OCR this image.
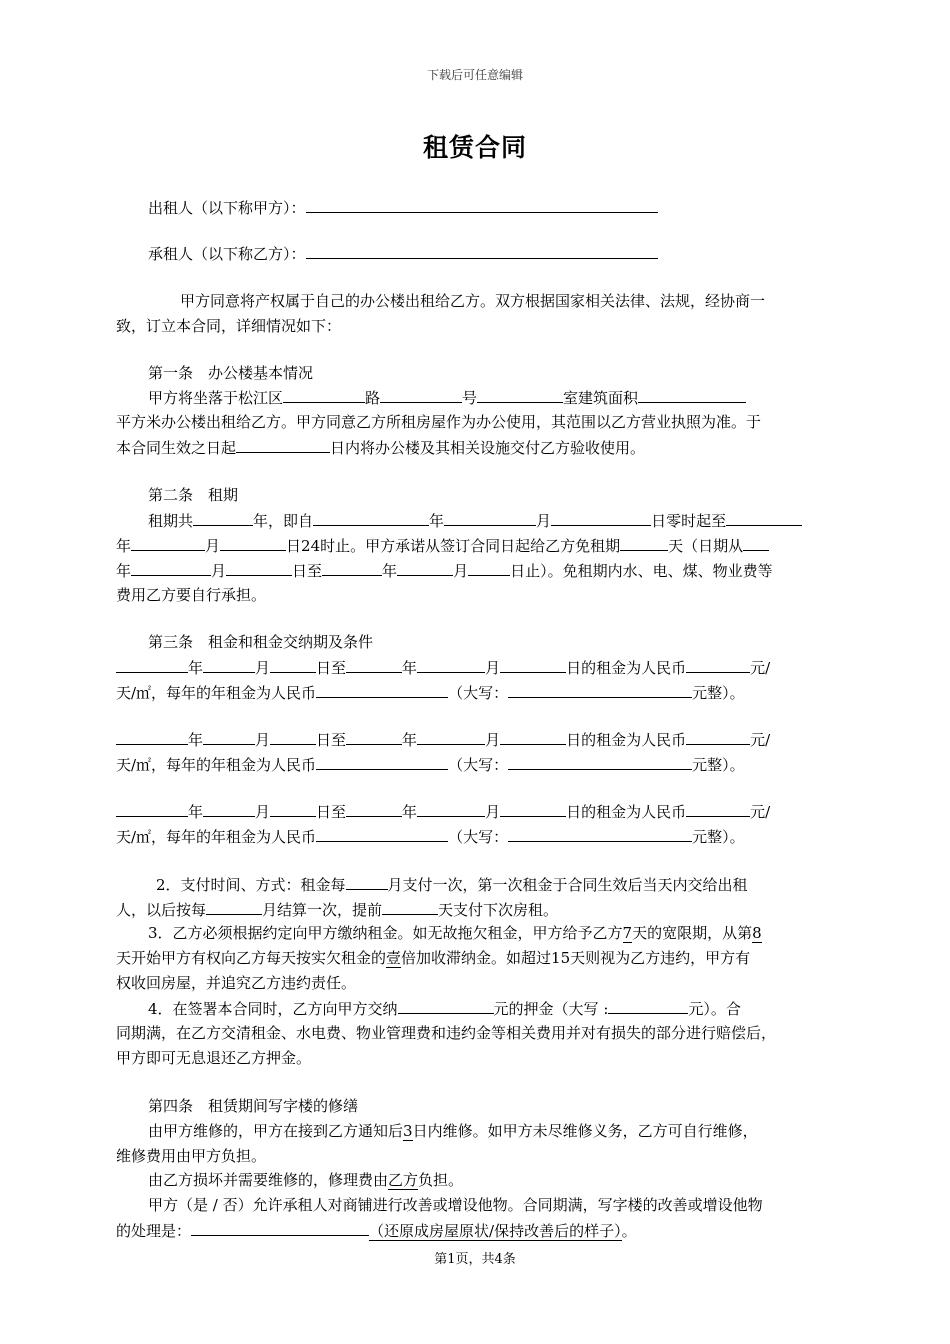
下载后可任意编辑
租赁合同
出租人（以下称甲方）：
承租人（以下称乙方）：
甲方同意将产权属于自己的办公楼出租给乙方。双方根据国家相关法律、法规，经协商一
致，订立本合同，详细情况如下：
第一条　办公楼基本情况
甲方将坐落于松江区	路	号	室建筑面积
平方米办公楼出租给乙方。甲方同意乙方所租房屋作为办公使用，其范围以乙方营业执照为准。于
本合同生效之日起	日内将办公楼及其相关设施交付乙方验收使用。
第二条　租期
租期共	年，即自	年	月	日零时起至
年	月	日24时止。甲方承诺从签订合同日起给乙方免租期	天（日期从
年	月	日至	年	月	日止）。免租期内水、电、煤、物业费等
费用乙方要自行承担。
第三条　租金和租金交纳期及条件
年	月	日至	年	月	日的租金为人民币	元/
天/㎡，每年的年租金为人民币	（大写：	元整）。
年	月	日至	年	月	日的租金为人民币	元/
天/㎡，每年的年租金为人民币	（大写：	元整）。
年	月	日至	年	月	日的租金为人民币	元/
天/㎡，每年的年租金为人民币	（大写：	元整）。
2．支付时间、方式：租金每	月支付一次，第一次租金于合同生效后当天内交给出租
人，以后按每	月结算一次，提前	天支付下次房租。
3．乙方必须根据约定向甲方缴纳租金。如无故拖欠租金，甲方给予乙方7天的宽限期，从第8
天开始甲方有权向乙方每天按实欠租金的壹倍加收滞纳金。如超过15天则视为乙方违约，甲方有
权收回房屋，并追究乙方违约责任。
4．在签署本合同时，乙方向甲方交纳	元的押金（大写 :	元）。合
同期满，在乙方交清租金、水电费、物业管理费和违约金等相关费用并对有损失的部分进行赔偿后，
甲方即可无息退还乙方押金。
第四条　租赁期间写字楼的修缮
由甲方维修的，甲方在接到乙方通知后3日内维修。如甲方未尽维修义务，乙方可自行维修，
维修费用由甲方负担。
由乙方损坏并需要维修的，修理费由乙方负担。
甲方（是 / 否）允许承租人对商铺进行改善或增设他物。合同期满，写字楼的改善或增设他物
的处理是：	（还原成房屋原状/保持改善后的样子）。
第1页，共4条
